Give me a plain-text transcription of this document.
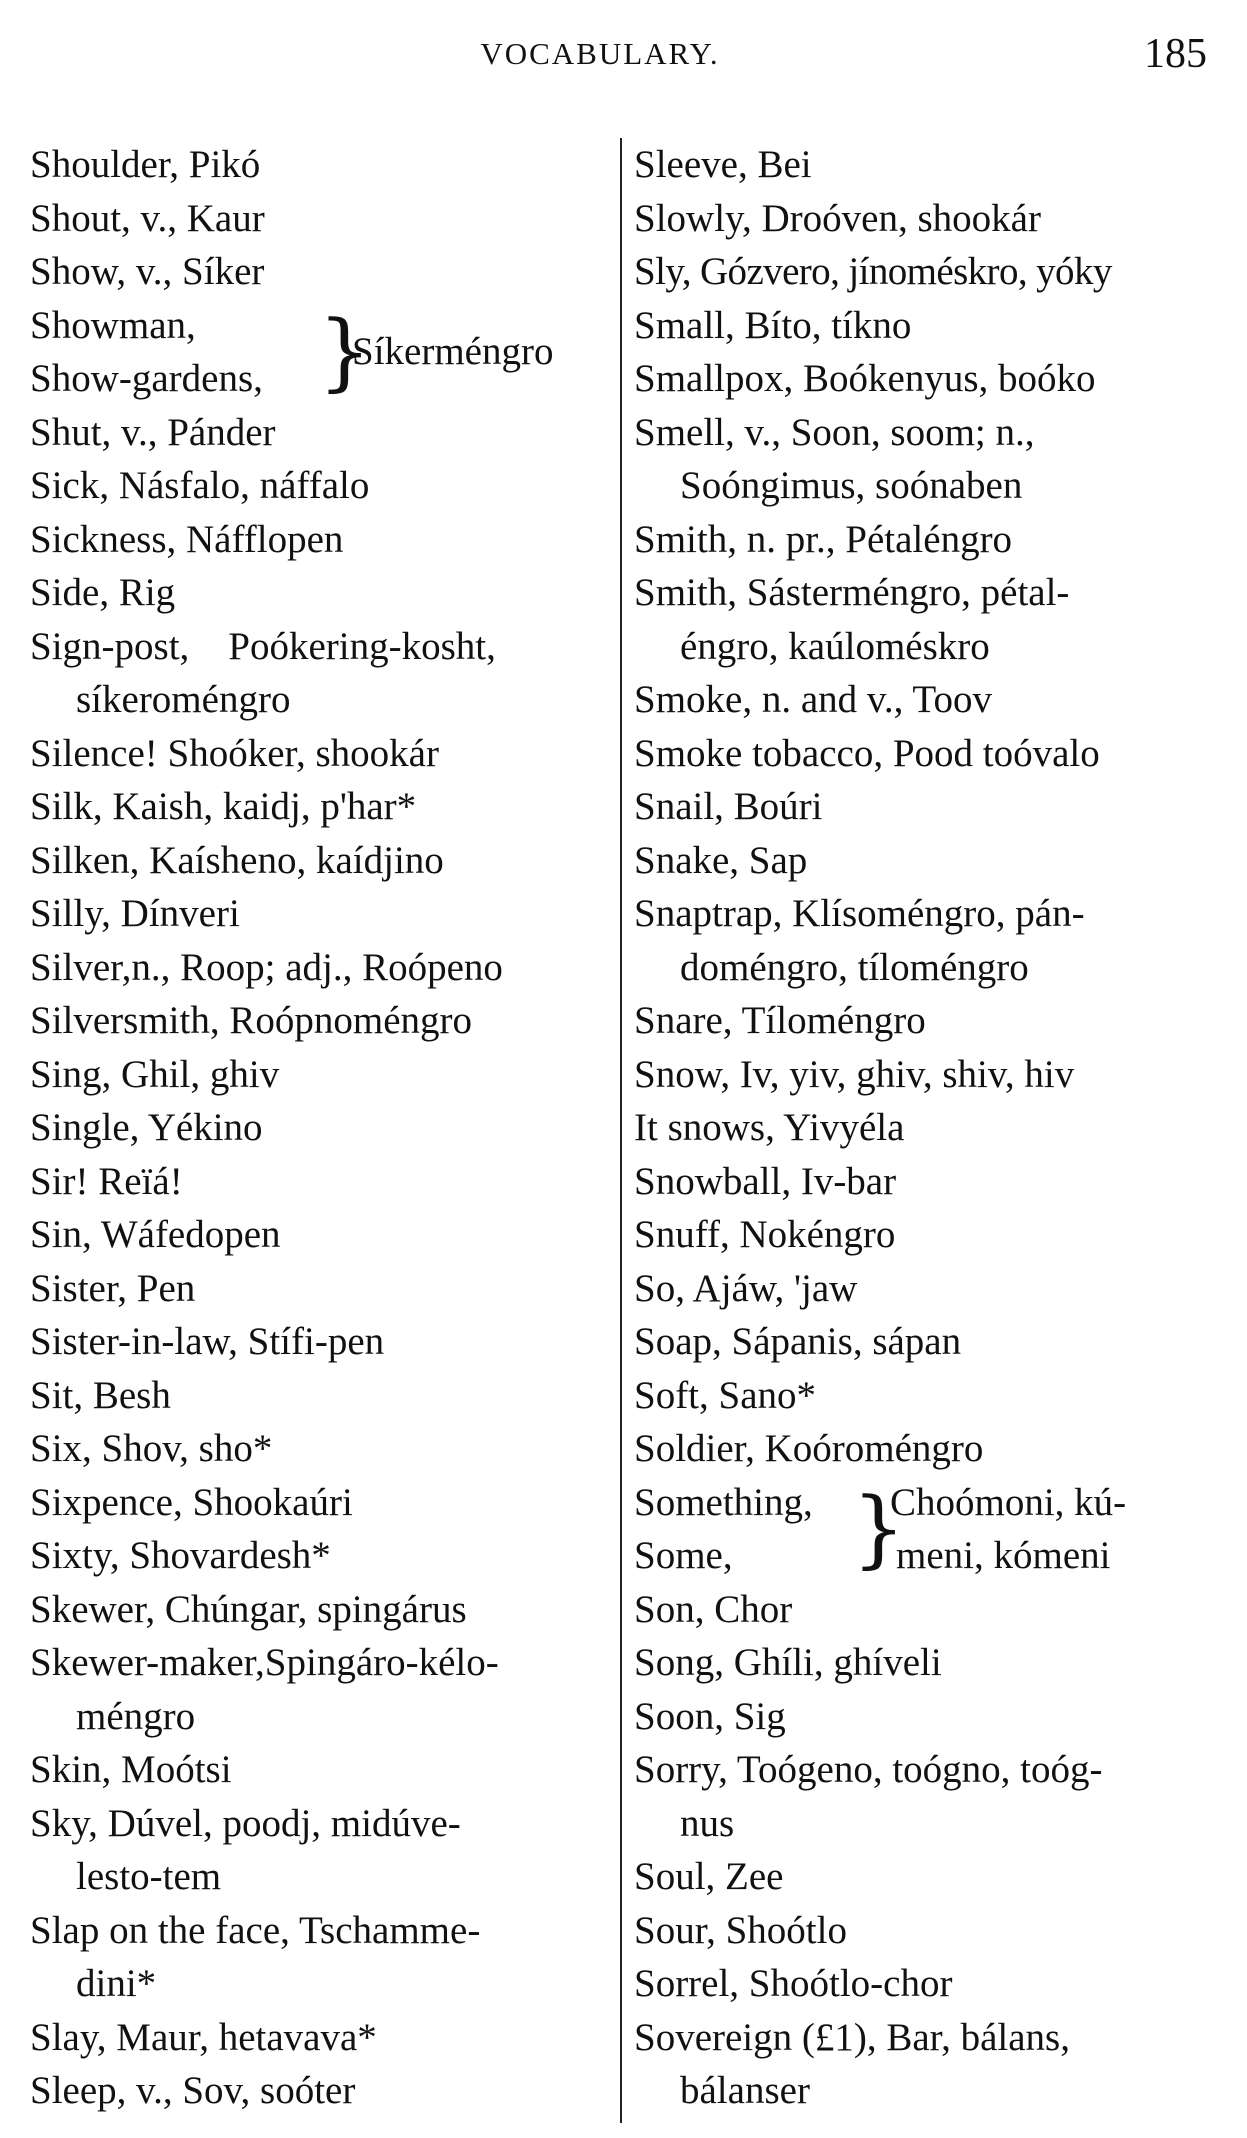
VOCABULARY.	185
Shoulder, Pikó
Shout, v., Kaur
Show, v., Síker
Showman,
Show-gardens, }
Síkerméngro
Shut, v., Pánder
Sick, Násfalo, náffalo
Sickness, Náfflopen
Side, Rig
Sign-post,    Poókering-kosht,
síkeroméngro
Silence! Shoóker, shookár
Silk, Kaish, kaidj, p'har*
Silken, Kaísheno, kaídjino
Silly, Dínveri
Silver,n., Roop; adj., Roópeno
Silversmith, Roópnoméngro
Sing, Ghil, ghiv
Single, Yékino
Sir! Reïá!
Sin, Wáfedopen
Sister, Pen
Sister-in-law, Stífi-pen
Sit, Besh
Six, Shov, sho*
Sixpence, Shookaúri
Sixty, Shovardesh*
Skewer, Chúngar, spingárus
Skewer-maker,Spingáro-kélo-
méngro
Skin, Moótsi
Sky, Dúvel, poodj, midúve-
lesto-tem
Slap on the face, Tschamme-
dini*
Slay, Maur, hetavava*
Sleep, v., Sov, soóter
Sleeve, Bei
Slowly, Droóven, shookár
Sly, Gózvero, jínoméskro, yóky
Small, Bíto, tíkno
Smallpox, Boókenyus, boóko
Smell, v., Soon, soom; n.,
Soóngimus, soónaben
Smith, n. pr., Pétaléngro
Smith, Sásterméngro, pétal-
éngro, kaúloméskro
Smoke, n. and v., Toov
Smoke tobacco, Pood toóvalo
Snail, Boúri
Snake, Sap
Snaptrap, Klísoméngro, pán-
doméngro, tíloméngro
Snare, Tíloméngro
Snow, Iv, yiv, ghiv, shiv, hiv
It snows, Yivyéla
Snowball, Iv-bar
Snuff, Nokéngro
So, Ajáw, 'jaw
Soap, Sápanis, sápan
Soft, Sano*
Soldier, Koóroméngro
Something,
Some, }
Choómoni, kú-
meni, kómeni
Son, Chor
Song, Ghíli, ghíveli
Soon, Sig
Sorry, Toógeno, toógno, toóg-
nus
Soul, Zee
Sour, Shoótlo
Sorrel, Shoótlo-chor
Sovereign (£1), Bar, bálans,
bálanser
